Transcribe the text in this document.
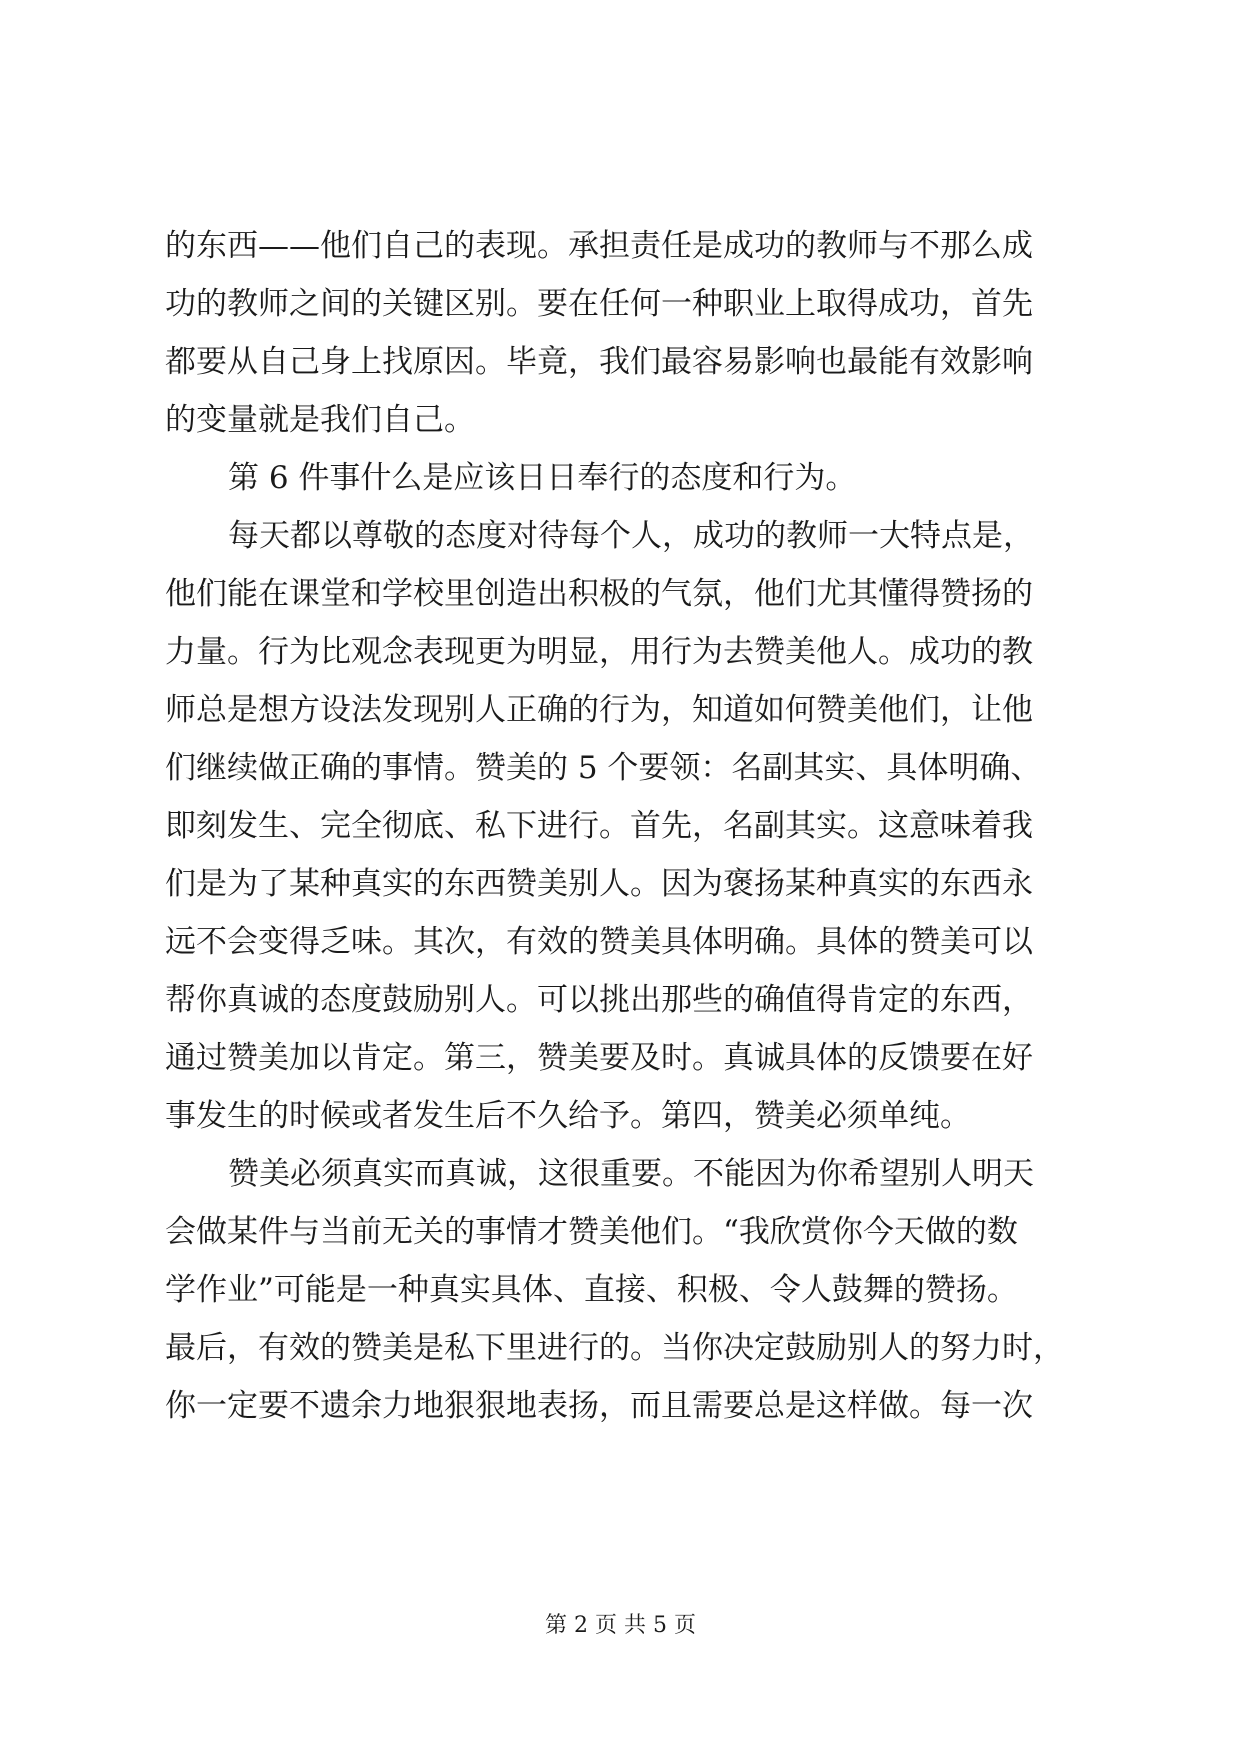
的东西——他们自己的表现。承担责任是成功的教师与不那么成
功的教师之间的关键区别。要在任何一种职业上取得成功，首先
都要从自己身上找原因。毕竟，我们最容易影响也最能有效影响
的变量就是我们自己。
第 6 件事什么是应该日日奉行的态度和行为。
每天都以尊敬的态度对待每个人，成功的教师一大特点是，
他们能在课堂和学校里创造出积极的气氛，他们尤其懂得赞扬的
力量。行为比观念表现更为明显，用行为去赞美他人。成功的教
师总是想方设法发现别人正确的行为，知道如何赞美他们，让他
们继续做正确的事情。赞美的 5 个要领：名副其实、具体明确、
即刻发生、完全彻底、私下进行。首先，名副其实。这意味着我
们是为了某种真实的东西赞美别人。因为褒扬某种真实的东西永
远不会变得乏味。其次，有效的赞美具体明确。具体的赞美可以
帮你真诚的态度鼓励别人。可以挑出那些的确值得肯定的东西，
通过赞美加以肯定。第三，赞美要及时。真诚具体的反馈要在好
事发生的时候或者发生后不久给予。第四，赞美必须单纯。
赞美必须真实而真诚，这很重要。不能因为你希望别人明天
会做某件与当前无关的事情才赞美他们。“我欣赏你今天做的数
学作业”可能是一种真实具体、直接、积极、令人鼓舞的赞扬。
最后，有效的赞美是私下里进行的。当你决定鼓励别人的努力时，
你一定要不遗余力地狠狠地表扬，而且需要总是这样做。每一次
第 2 页 共 5 页
